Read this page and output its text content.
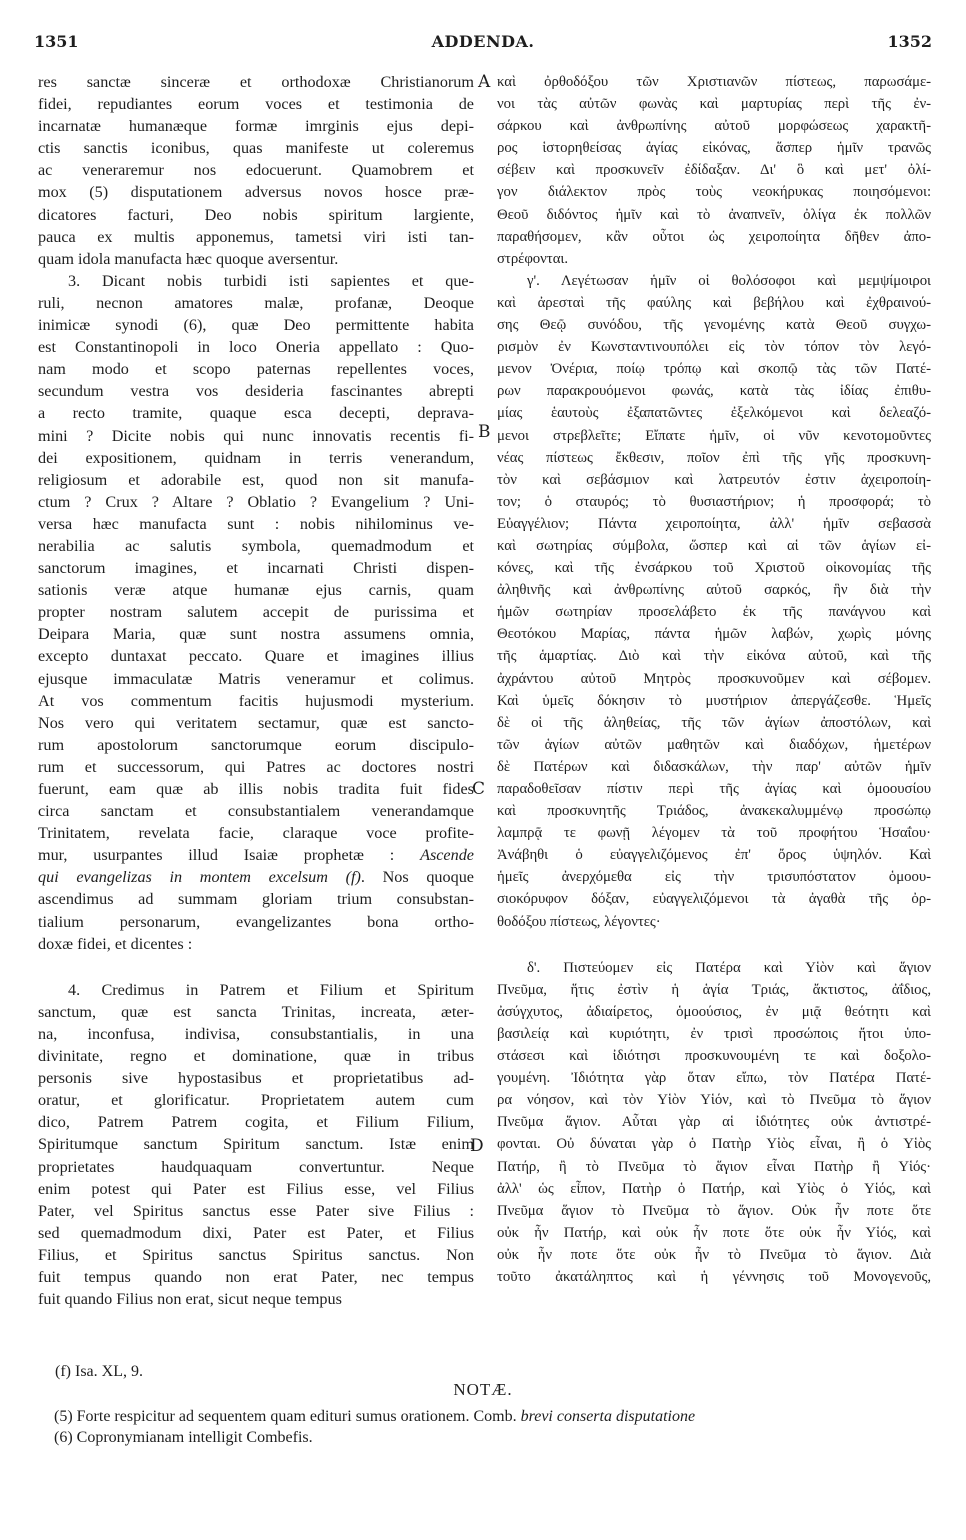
1351	ADDENDA.	1352
res sanctæ sinceræ et orthodoxæ Christianorum
fidei, repudiantes eorum voces et testimonia de
incarnatæ humanæque formæ imrginis ejus depi-
ctis sanctis iconibus, quas manifeste ut coleremus
ac veneraremur nos edocuerunt. Quamobrem et
mox (5) disputationem adversus novos hosce præ-
dicatores facturi, Deo nobis spiritum largiente,
pauca ex multis apponemus, tametsi viri isti tan-
quam idola manufacta hæc quoque aversentur.
3. Dicant nobis turbidi isti sapientes et que-
ruli, necnon amatores malæ, profanæ, Deoque
inimicæ synodi (6), quæ Deo permittente habita
est Constantinopoli in loco Oneria appellato : Quo-
nam modo et scopo paternas repellentes voces,
secundum vestra vos desideria fascinantes abrepti
a recto tramite, quaque esca decepti, deprava-
mini ? Dicite nobis qui nunc innovatis recentis fi-
dei expositionem, quidnam in terris venerandum,
religiosum et adorabile est, quod non sit manufa-
ctum ? Crux ? Altare ? Oblatio ? Evangelium ? Uni-
versa hæc manufacta sunt : nobis nihilominus ve-
nerabilia ac salutis symbola, quemadmodum et
sanctorum imagines, et incarnati Christi dispen-
sationis veræ atque humanæ ejus carnis, quam
propter nostram salutem accepit de purissima et
Deipara Maria, quæ sunt nostra assumens omnia,
excepto duntaxat peccato. Quare et imagines illius
ejusque immaculatæ Matris veneramur et colimus.
At vos commentum facitis hujusmodi mysterium.
Nos vero qui veritatem sectamur, quæ est sancto-
rum apostolorum sanctorumque eorum discipulo-
rum et successorum, qui Patres ac doctores nostri
fuerunt, eam quæ ab illis nobis tradita fuit fides
circa sanctam et consubstantialem venerandamque
Trinitatem, revelata facie, claraque voce profite-
mur, usurpantes illud Isaiæ prophetæ : Ascende
qui evangelizas in montem excelsum (f). Nos quoque
ascendimus ad summam gloriam trium consubstan-
tialium personarum, evangelizantes bona ortho-
doxæ fidei, et dicentes :
4. Credimus in Patrem et Filium et Spiritum
sanctum, quæ est sancta Trinitas, increata, æter-
na, inconfusa, indivisa, consubstantialis, in una
divinitate, regno et dominatione, quæ in tribus
personis sive hypostasibus et proprietatibus ad-
oratur, et glorificatur. Proprietatem autem cum
dico, Patrem Patrem cogita, et Filium Filium,
Spiritumque sanctum Spiritum sanctum. Istæ enim
proprietates haudquaquam convertuntur. Neque
enim potest qui Pater est Filius esse, vel Filius
Pater, vel Spiritus sanctus esse Pater sive Filius :
sed quemadmodum dixi, Pater est Pater, et Filius
Filius, et Spiritus sanctus Spiritus sanctus. Non
fuit tempus quando non erat Pater, nec tempus
fuit quando Filius non erat, sicut neque tempus
καὶ ὀρθοδόξου τῶν Χριστιανῶν πίστεως, παρωσάμε-
νοι τὰς αὐτῶν φωνὰς καὶ μαρτυρίας περὶ τῆς ἐν-
σάρκου καὶ ἀνθρωπίνης αὐτοῦ μορφώσεως χαρακτῆ-
ρος ἱστορηθείσας ἁγίας εἰκόνας, ἅσπερ ἡμῖν τρανῶς
σέβειν καὶ προσκυνεῖν ἐδίδαξαν. Δι' ὃ καὶ μετ' ὀλί-
γον διάλεκτον πρὸς τοὺς νεοκήρυκας ποιησόμενοι:
Θεοῦ διδόντος ἡμῖν καὶ τὸ ἀναπνεῖν, ὀλίγα ἐκ πολλῶν
παραθήσομεν, κἂν οὗτοι ὡς χειροποίητα δῆθεν ἀπο-
στρέφονται.
γ'. Λεγέτωσαν ἡμῖν οἱ θολόσοφοι καὶ μεμψίμοιροι
καὶ ἀρεσταὶ τῆς φαύλης καὶ βεβήλου καὶ ἐχθραινού-
σης Θεῷ συνόδου, τῆς γενομένης κατὰ Θεοῦ συγχω-
ρισμὸν ἐν Κωνσταντινουπόλει εἰς τὸν τόπον τὸν λεγό-
μενον Ὀνέρια, ποίῳ τρόπῳ καὶ σκοπῷ τὰς τῶν Πατέ-
ρων παρακρουόμενοι φωνάς, κατὰ τὰς ἰδίας ἐπιθυ-
μίας ἑαυτοὺς ἐξαπατῶντες ἐξελκόμενοι καὶ δελεαζό-
μενοι στρεβλεῖτε; Εἴπατε ἡμῖν, οἱ νῦν κενοτομοῦντες
νέας πίστεως ἔκθεσιν, ποῖον ἐπὶ τῆς γῆς προσκυνη-
τὸν καὶ σεβάσμιον καὶ λατρευτόν ἐστιν ἀχειροποίη-
τον; ὁ σταυρός; τὸ θυσιαστήριον; ἡ προσφορά; τὸ
Εὐαγγέλιον; Πάντα χειροποίητα, ἀλλ' ἡμῖν σεβασσὰ
καὶ σωτηρίας σύμβολα, ὥσπερ καὶ αἱ τῶν ἁγίων εἰ-
κόνες, καὶ τῆς ἐνσάρκου τοῦ Χριστοῦ οἰκονομίας τῆς
ἀληθινῆς καὶ ἀνθρωπίνης αὐτοῦ σαρκός, ἣν διὰ τὴν
ἡμῶν σωτηρίαν προσελάβετο ἐκ τῆς πανάγνου καὶ
Θεοτόκου Μαρίας, πάντα ἡμῶν λαβών, χωρὶς μόνης
τῆς ἁμαρτίας. Διὸ καὶ τὴν εἰκόνα αὐτοῦ, καὶ τῆς
ἀχράντου αὐτοῦ Μητρὸς προσκυνοῦμεν καὶ σέβομεν.
Καὶ ὑμεῖς δόκησιν τὸ μυστήριον ἀπεργάζεσθε. Ἡμεῖς
δὲ οἱ τῆς ἀληθείας, τῆς τῶν ἁγίων ἀποστόλων, καὶ
τῶν ἁγίων αὐτῶν μαθητῶν καὶ διαδόχων, ἡμετέρων
δὲ Πατέρων καὶ διδασκάλων, τὴν παρ' αὐτῶν ἡμῖν
παραδοθεῖσαν πίστιν περὶ τῆς ἁγίας καὶ ὁμοουσίου
καὶ προσκυνητῆς Τριάδος, ἀνακεκαλυμμένῳ προσώπῳ
λαμπρᾷ τε φωνῇ λέγομεν τὰ τοῦ προφήτου Ἡσαΐου·
Ἀνάβηθι ὁ εὐαγγελιζόμενος ἐπ' ὄρος ὑψηλόν. Καὶ
ἡμεῖς ἀνερχόμεθα εἰς τὴν τρισυπόστατον ὁμοου-
σιοκόρυφον δόξαν, εὐαγγελιζόμενοι τὰ ἀγαθὰ τῆς ὀρ-
θοδόξου πίστεως, λέγοντες·
δ'. Πιστεύομεν εἰς Πατέρα καὶ Υἱὸν καὶ ἅγιον
Πνεῦμα, ἥτις ἐστὶν ἡ ἁγία Τριάς, ἄκτιστος, ἀΐδιος,
ἀσύγχυτος, ἀδιαίρετος, ὁμοούσιος, ἐν μιᾷ θεότητι καὶ
βασιλείᾳ καὶ κυριότητι, ἐν τρισὶ προσώποις ἤτοι ὑπο-
στάσεσι καὶ ἰδιότησι προσκυνουμένη τε καὶ δοξολο-
γουμένη. Ἰδιότητα γὰρ ὅταν εἴπω, τὸν Πατέρα Πατέ-
ρα νόησον, καὶ τὸν Υἱὸν Υἱόν, καὶ τὸ Πνεῦμα τὸ ἅγιον
Πνεῦμα ἅγιον. Αὗται γὰρ αἱ ἰδιότητες οὐκ ἀντιστρέ-
φονται. Οὐ δύναται γὰρ ὁ Πατὴρ Υἱὸς εἶναι, ἢ ὁ Υἱὸς
Πατήρ, ἢ τὸ Πνεῦμα τὸ ἅγιον εἶναι Πατὴρ ἢ Υἱός·
ἀλλ' ὡς εἶπον, Πατὴρ ὁ Πατήρ, καὶ Υἱὸς ὁ Υἱός, καὶ
Πνεῦμα ἅγιον τὸ Πνεῦμα τὸ ἅγιον. Οὐκ ἦν ποτε ὅτε
οὐκ ἦν Πατήρ, καὶ οὐκ ἦν ποτε ὅτε οὐκ ἦν Υἱός, καὶ
οὐκ ἦν ποτε ὅτε οὐκ ἦν τὸ Πνεῦμα τὸ ἅγιον. Διὰ
τοῦτο ἀκατάληπτος καὶ ἡ γέννησις τοῦ Μονογενοῦς,
A
B
C
D
(f) Isa. XL, 9.
NOTÆ.
(5) Forte respicitur ad sequentem quam edituri sumus orationem. Comb. brevi conserta disputatione
(6) Copronymianam intelligit Combefis.
